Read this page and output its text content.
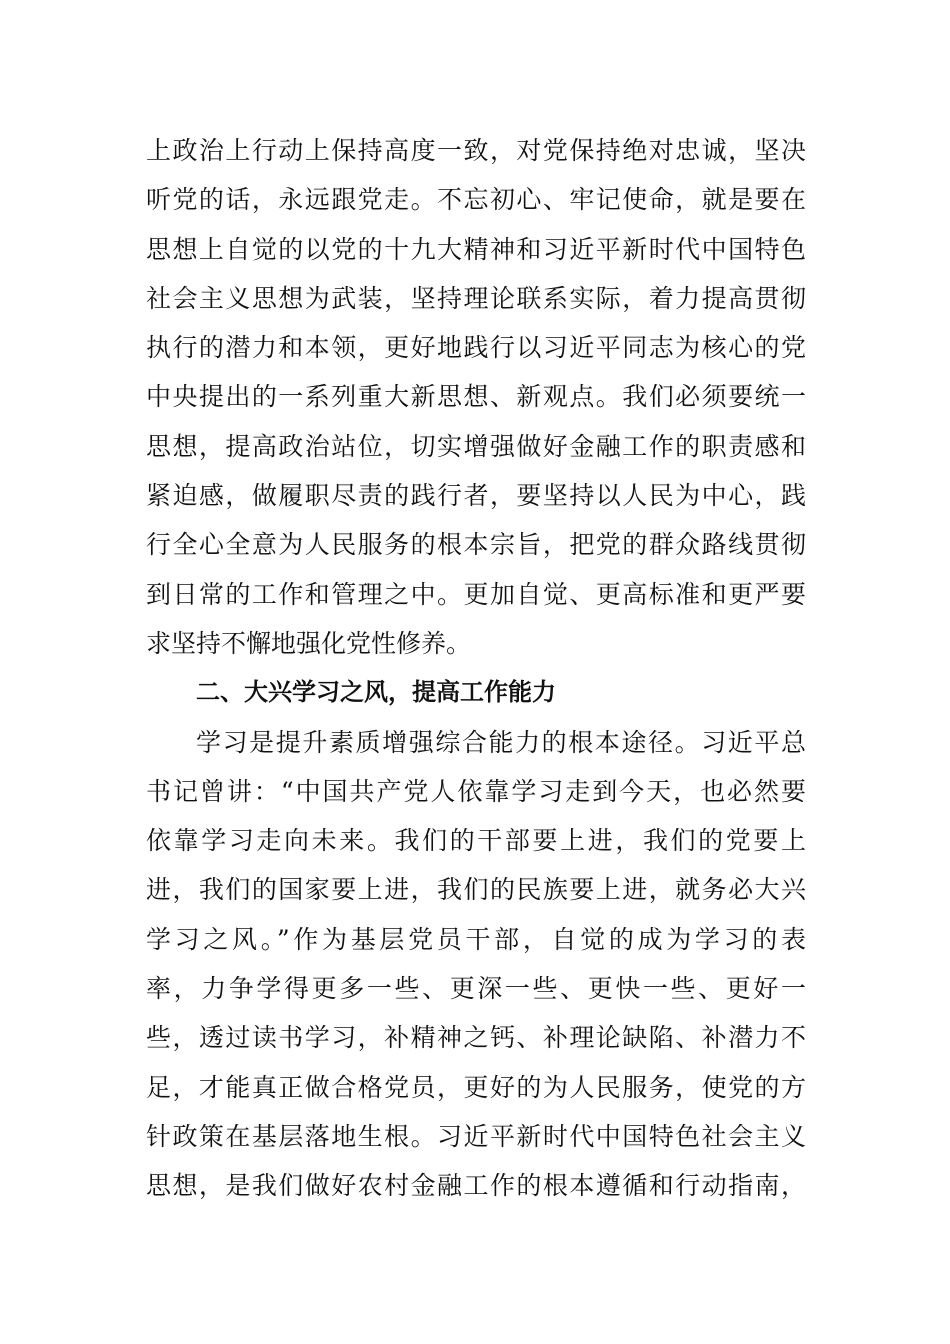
上政治上行动上保持高度一致，对党保持绝对忠诚，坚决
听党的话，永远跟党走。不忘初心、牢记使命，就是要在
思想上自觉的以党的十九大精神和习近平新时代中国特色
社会主义思想为武装，坚持理论联系实际，着力提高贯彻
执行的潜力和本领，更好地践行以习近平同志为核心的党
中央提出的一系列重大新思想、新观点。我们必须要统一
思想，提高政治站位，切实增强做好金融工作的职责感和
紧迫感，做履职尽责的践行者，要坚持以人民为中心，践
行全心全意为人民服务的根本宗旨，把党的群众路线贯彻
到日常的工作和管理之中。更加自觉、更高标准和更严要
求坚持不懈地强化党性修养。
二、大兴学习之风，提高工作能力
学习是提升素质增强综合能力的根本途径。习近平总
书记曾讲：“中国共产党人依靠学习走到今天，也必然要
依靠学习走向未来。我们的干部要上进，我们的党要上
进，我们的国家要上进，我们的民族要上进，就务必大兴
学习之风。”作为基层党员干部，自觉的成为学习的表
率，力争学得更多一些、更深一些、更快一些、更好一
些，透过读书学习，补精神之钙、补理论缺陷、补潜力不
足，才能真正做合格党员，更好的为人民服务，使党的方
针政策在基层落地生根。习近平新时代中国特色社会主义
思想，是我们做好农村金融工作的根本遵循和行动指南，
